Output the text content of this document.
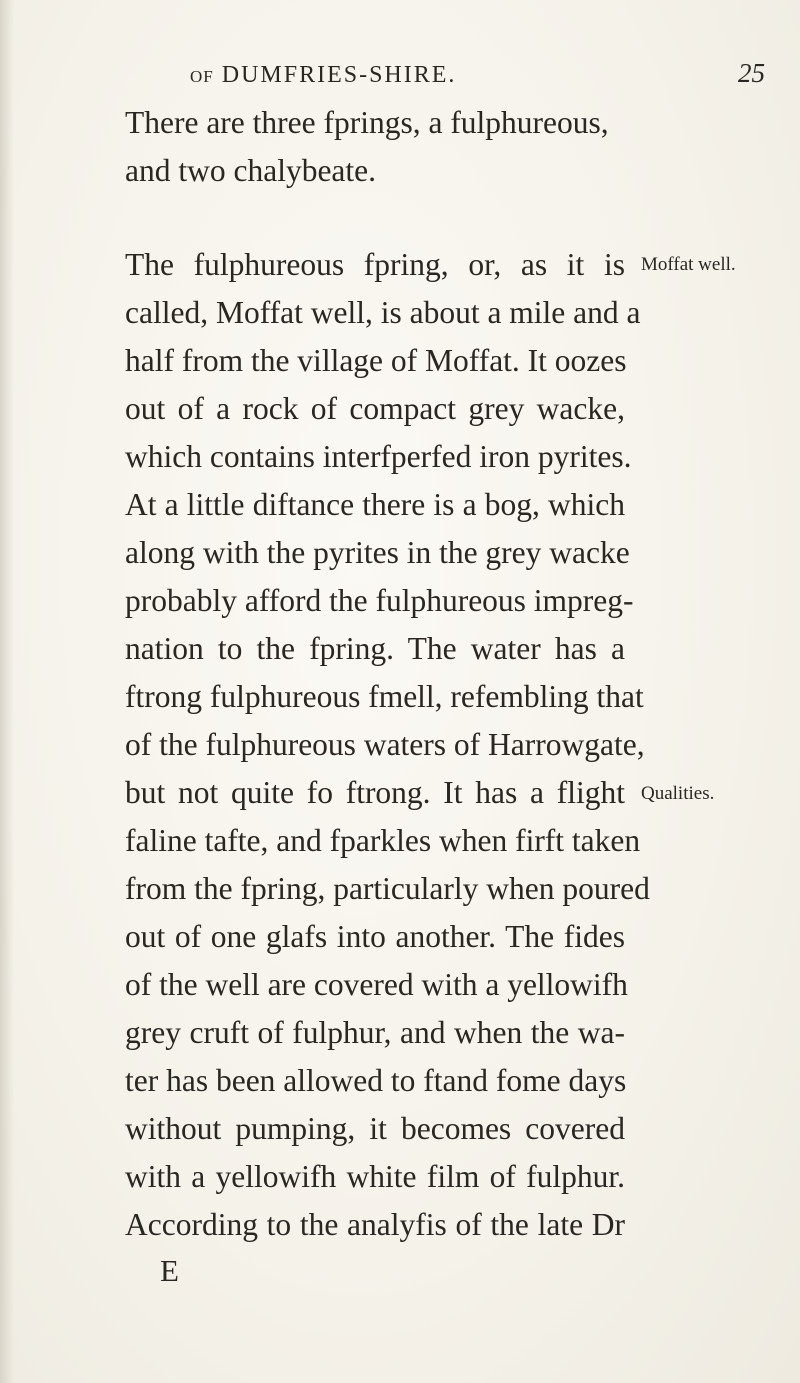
OF DUMFRIES-SHIRE.	25
There are three fprings, a fulphureous,
and two chalybeate.
The fulphureous fpring, or, as it is Moffat well.
called, Moffat well, is about a mile and a
half from the village of Moffat. It oozes
out of a rock of compact grey wacke,
which contains interfperfed iron pyrites.
At a little diftance there is a bog, which
along with the pyrites in the grey wacke
probably afford the fulphureous impreg-
nation to the fpring. The water has a
ftrong fulphureous fmell, refembling that
of the fulphureous waters of Harrowgate,
but not quite fo ftrong. It has a flight Qualities.
faline tafte, and fparkles when firft taken
from the fpring, particularly when poured
out of one glafs into another. The fides
of the well are covered with a yellowifh
grey cruft of fulphur, and when the wa-
ter has been allowed to ftand fome days
without pumping, it becomes covered
with a yellowifh white film of fulphur.
According to the analyfis of the late Dr
E
